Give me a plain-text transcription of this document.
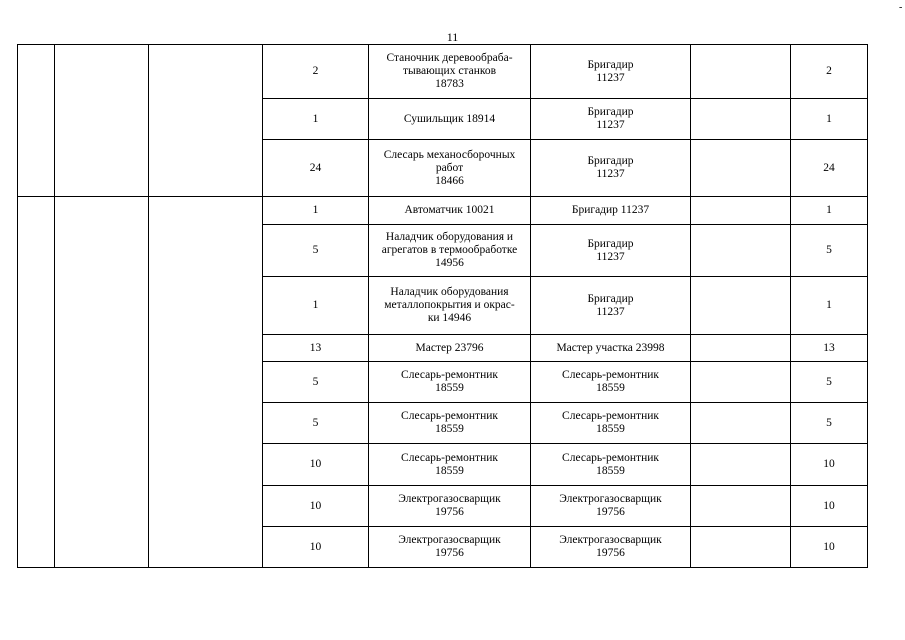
11
-
			2	Станочник деревообраба-
тывающих станков
18783	Бригадир
11237		2
			1	Сушильщик 18914	Бригадир
11237		1
			24	Слесарь механосборочных
работ
18466	Бригадир
11237		24
			1	Автоматчик 10021	Бригадир 11237		1
			5	Наладчик оборудования и
агрегатов в термообработке
14956	Бригадир
11237		5
			1	Наладчик оборудования
металлопокрытия и окрас-
ки 14946	Бригадир
11237		1
			13	Мастер 23796	Мастер участка 23998		13
			5	Слесарь-ремонтник
18559	Слесарь-ремонтник
18559		5
			5	Слесарь-ремонтник
18559	Слесарь-ремонтник
18559		5
			10	Слесарь-ремонтник
18559	Слесарь-ремонтник
18559		10
			10	Электрогазосварщик
19756	Электрогазосварщик
19756		10
			10	Электрогазосварщик
19756	Электрогазосварщик
19756		10
